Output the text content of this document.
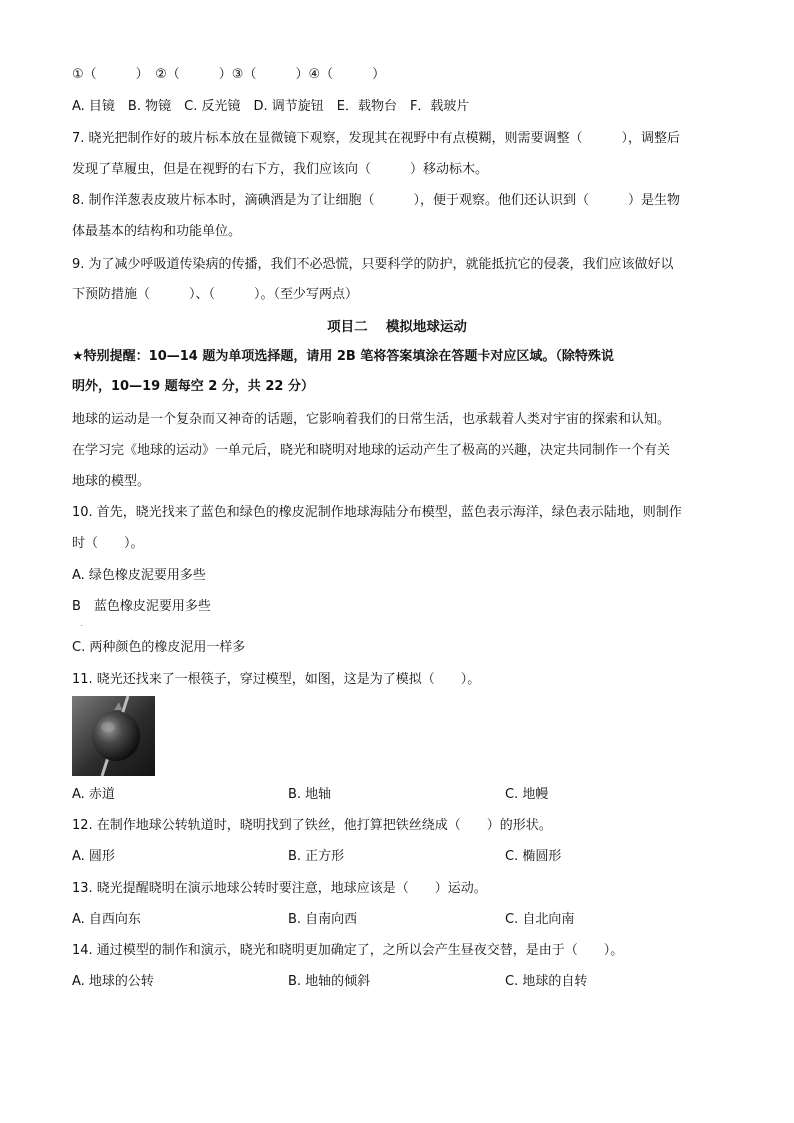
①（　　　）　②（　　　）③（　　　）④（　　　）
A. 目镜　B. 物镜　C. 反光镜　D. 调节旋钮　E．载物台　F．载玻片
7. 晓光把制作好的玻片标本放在显微镜下观察，发现其在视野中有点模糊，则需要调整（　　　），调整后
发现了草履虫，但是在视野的右下方，我们应该向（　　　）移动标木。
8. 制作洋葱表皮玻片标本时，滴碘酒是为了让细胞（　　　），便于观察。他们还认识到（　　　）是生物
体最基本的结构和功能单位。
9. 为了减少呼吸道传染病的传播，我们不必恐慌，只要科学的防护，就能抵抗它的侵袭，我们应该做好以
下预防措施（　　　）、（　　　）。（至少写两点）
项目二　 模拟地球运动
★特别提醒：10—14 题为单项选择题，请用 2B 笔将答案填涂在答题卡对应区域。（除特殊说
明外，10—19 题每空 2 分，共 22 分）
地球的运动是一个复杂而又神奇的话题，它影响着我们的日常生活，也承载着人类对宇宙的探索和认知。
在学习完《地球的运动》一单元后，晓光和晓明对地球的运动产生了极高的兴趣，决定共同制作一个有关
地球的模型。
10. 首先，晓光找来了蓝色和绿色的橡皮泥制作地球海陆分布模型，蓝色表示海洋，绿色表示陆地，则制作
时（　　）。
A. 绿色橡皮泥要用多些
B　蓝色橡皮泥要用多些
.
C. 两种颜色的橡皮泥用一样多
11. 晓光还找来了一根筷子，穿过模型，如图，这是为了模拟（　　）。
A. 赤道	B. 地轴	C. 地幔
12. 在制作地球公转轨道时，晓明找到了铁丝，他打算把铁丝绕成（　　）的形状。
A. 圆形	B. 正方形	C. 椭圆形
13. 晓光提醒晓明在演示地球公转时要注意，地球应该是（　　）运动。
A. 自西向东	B. 自南向西	C. 自北向南
14. 通过模型的制作和演示，晓光和晓明更加确定了，之所以会产生昼夜交替，是由于（　　）。
A. 地球的公转	B. 地轴的倾斜	C. 地球的自转
